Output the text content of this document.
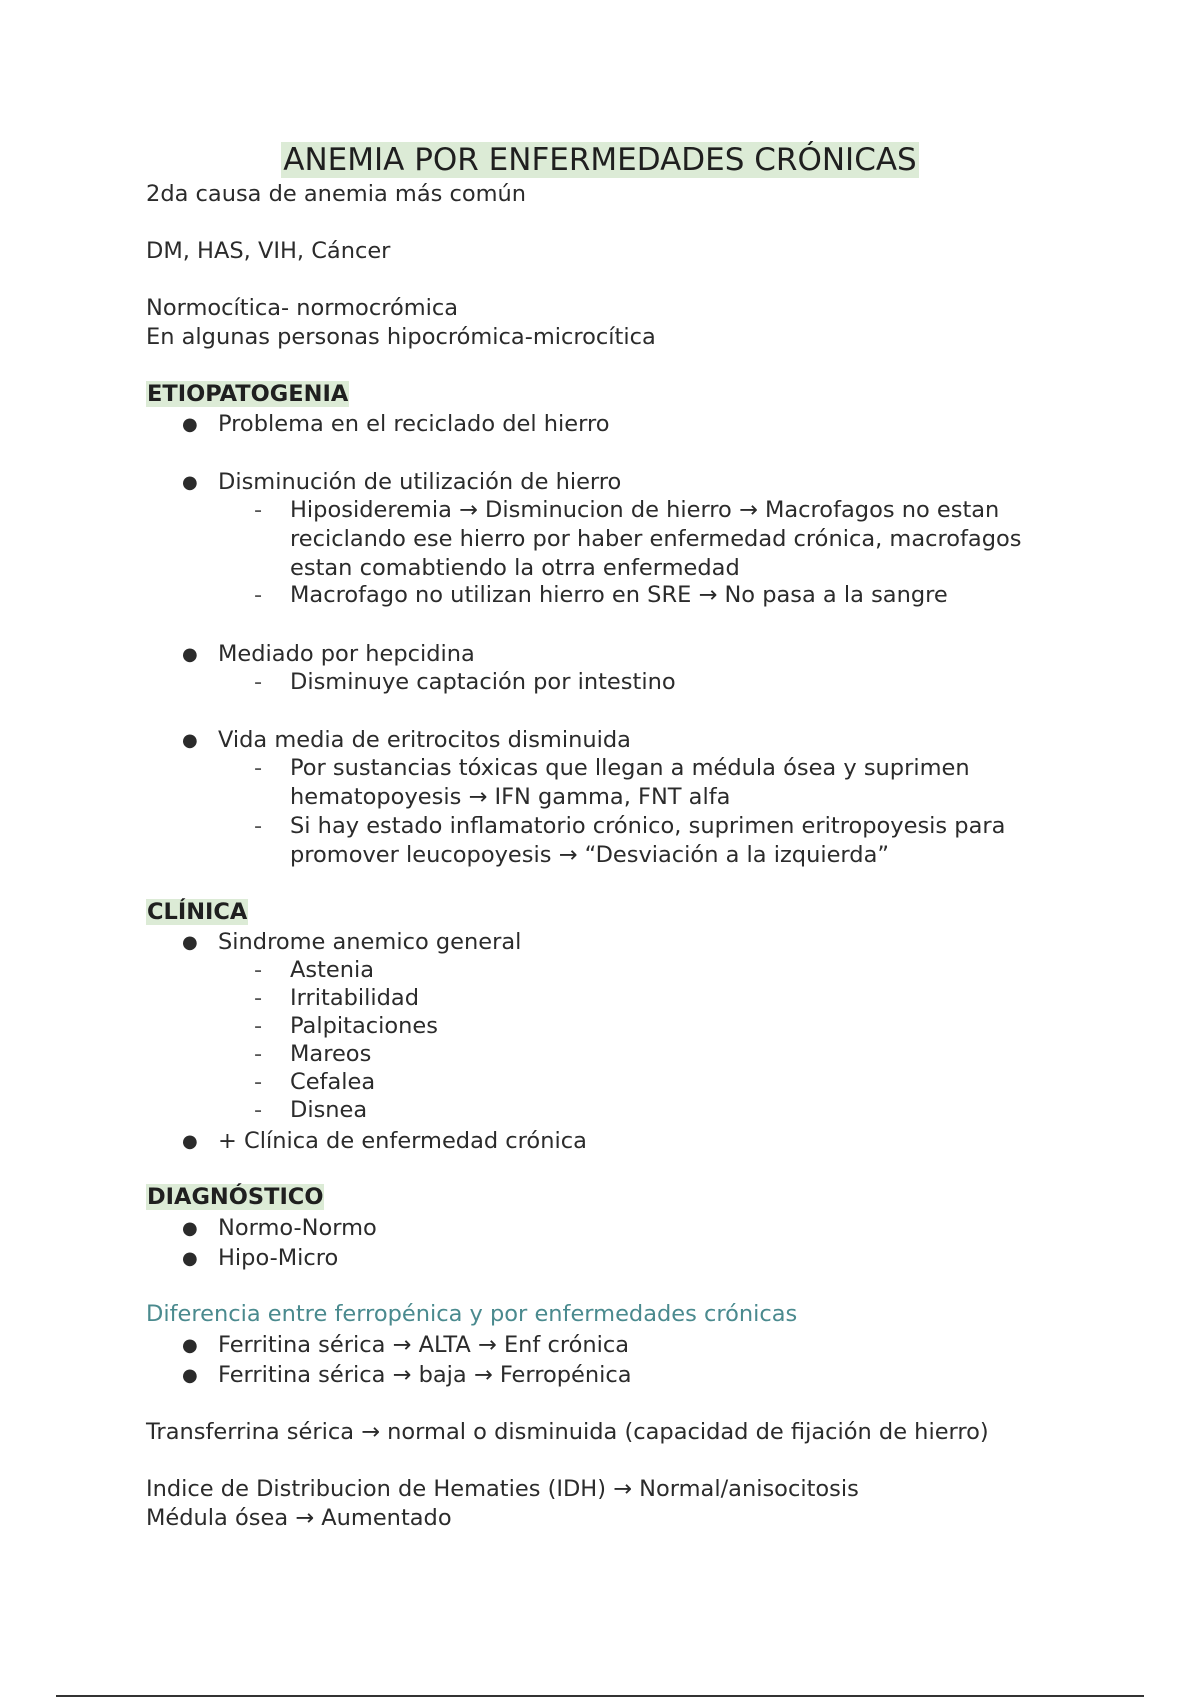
ANEMIA POR ENFERMEDADES CRÓNICAS
2da causa de anemia más común
DM, HAS, VIH, Cáncer
Normocítica- normocrómica
En algunas personas hipocrómica-microcítica
ETIOPATOGENIA
● Problema en el reciclado del hierro
● Disminución de utilización de hierro
- Hiposideremia → Disminucion de hierro → Macrofagos no estan reciclando ese hierro por haber enfermedad crónica, macrofagos estan comabtiendo la otrra enfermedad
- Macrofago no utilizan hierro en SRE → No pasa a la sangre
● Mediado por hepcidina
- Disminuye captación por intestino
● Vida media de eritrocitos disminuida
- Por sustancias tóxicas que llegan a médula ósea y suprimen hematopoyesis → IFN gamma, FNT alfa
- Si hay estado inflamatorio crónico, suprimen eritropoyesis para promover leucopoyesis → “Desviación a la izquierda”
CLÍNICA
● Sindrome anemico general
- Astenia
- Irritabilidad
- Palpitaciones
- Mareos
- Cefalea
- Disnea
● + Clínica de enfermedad crónica
DIAGNÓSTICO
● Normo-Normo
● Hipo-Micro
Diferencia entre ferropénica y por enfermedades crónicas
● Ferritina sérica → ALTA → Enf crónica
● Ferritina sérica → baja → Ferropénica
Transferrina sérica → normal o disminuida (capacidad de fijación de hierro)
Indice de Distribucion de Hematies (IDH) → Normal/anisocitosis
Médula ósea → Aumentado
